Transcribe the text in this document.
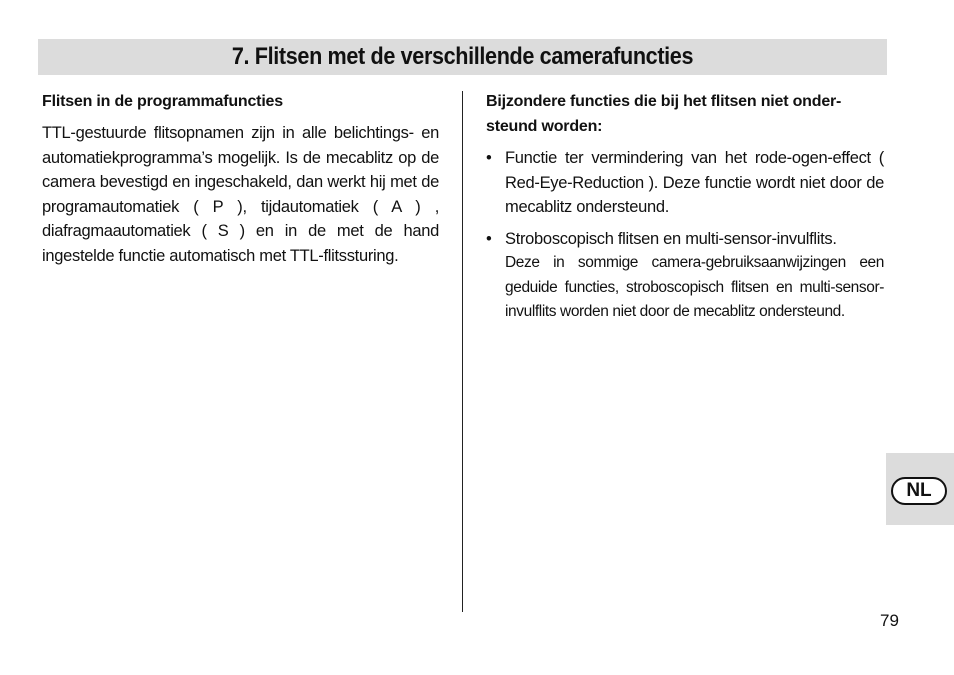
7. Flitsen met de verschillende camerafuncties
Flitsen in de programmafuncties

TTL-gestuurde flitsopnamen zijn in alle belichtings- en automatiekprogramma’s mogelijk. Is de mecablitz op de camera bevestigd en ingeschakeld, dan werkt hij met de programautomatiek ( P ), tijdautomatiek ( A ) , diafragmaautomatiek ( S ) en in de met de hand ingestelde functie automatisch met TTL-flitssturing.

Bijzondere functies die bij het flitsen niet onder-steund worden:
• Functie ter vermindering van het rode-ogen-effect ( Red-Eye-Reduction ). Deze functie wordt niet door de mecablitz ondersteund.
• Stroboscopisch flitsen en multi-sensor-invulflits.
Deze in sommige camera-gebruiksaanwijzingen een geduide functies, stroboscopisch flitsen en multi-sensor-invulflits worden niet door de mecablitz ondersteund.
NL
79
